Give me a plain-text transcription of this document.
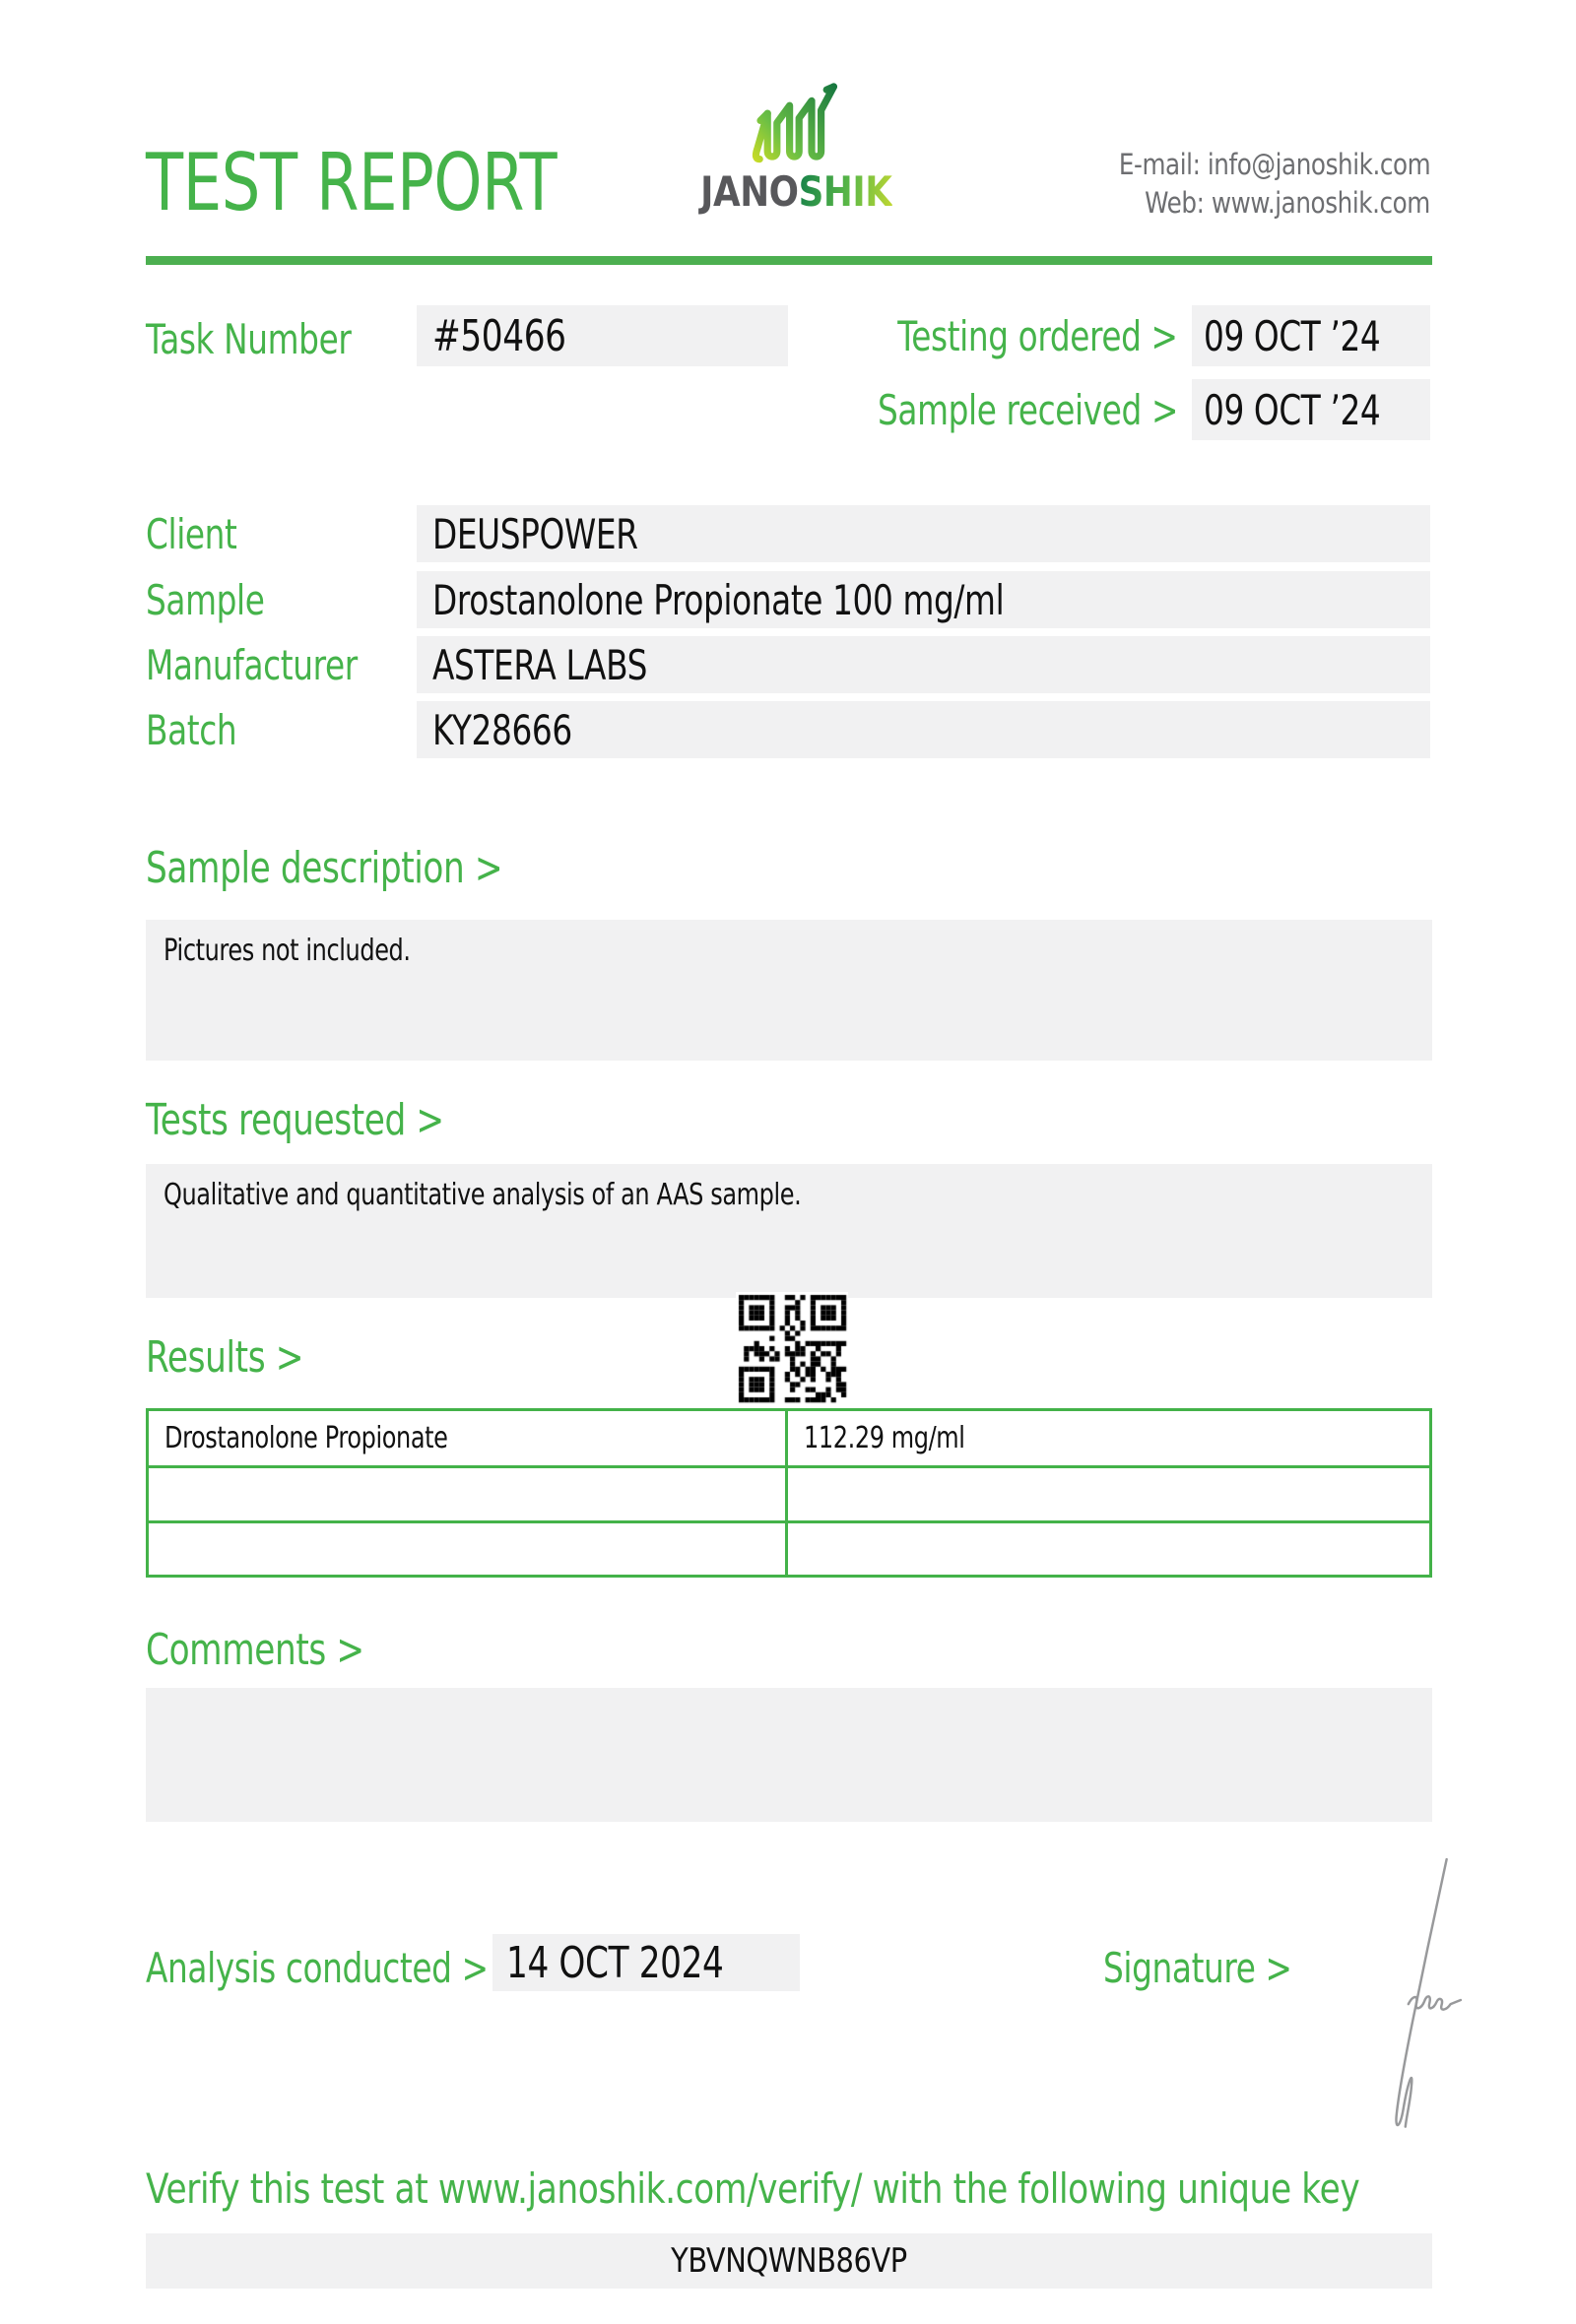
TEST REPORT	JANOSHIK
E-mail: info@janoshik.com
Web: www.janoshik.com
Task Number	#50466	Testing ordered > 09 OCT ’24
Sample received > 09 OCT ’24
Client	DEUSPOWER
Sample	Drostanolone Propionate 100 mg/ml
Manufacturer ASTERA LABS
Batch	KY28666
Sample description >
Pictures not included.
Tests requested >
Qualitative and quantitative analysis of an AAS sample.
Results >
Drostanolone Propionate	112.29 mg/ml
Comments >
Analysis conducted > 14 OCT 2024	Signature >
Verify this test at www.janoshik.com/verify/ with the following unique key
YBVNQWNB86VP
